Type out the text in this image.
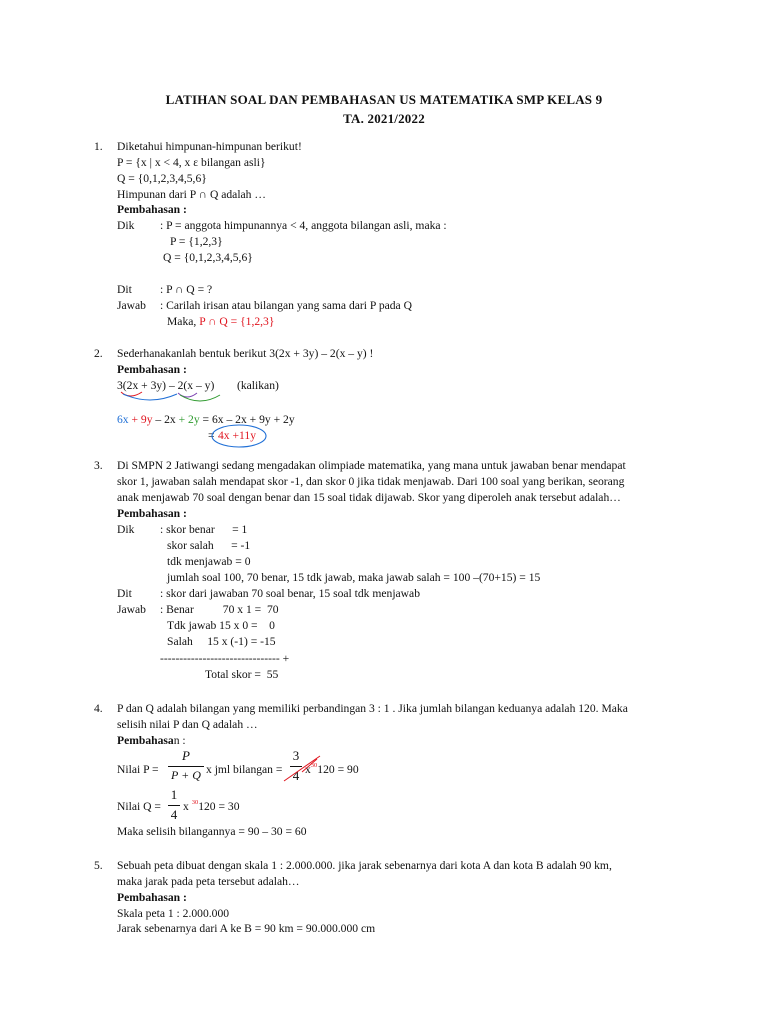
LATIHAN SOAL DAN PEMBAHASAN US MATEMATIKA SMP KELAS 9
TA. 2021/2022
1. Diketahui himpunan-himpunan berikut!
P = {x | x < 4, x ε bilangan asli}
Q = {0,1,2,3,4,5,6}
Himpunan dari P ∩ Q adalah …
Pembahasan :
Dik : P = anggota himpunannya < 4, anggota bilangan asli, maka :
P = {1,2,3}
Q = {0,1,2,3,4,5,6}
Dit : P ∩ Q = ?
Jawab : Carilah irisan atau bilangan yang sama dari P pada Q
Maka, P ∩ Q = {1,2,3}
2. Sederhanakanlah bentuk berikut 3(2x + 3y) – 2(x – y) !
Pembahasan :
3(2x + 3y) – 2(x – y) (kalikan)
6x + 9y – 2x + 2y = 6x – 2x + 9y + 2y
= 4x +11y
3. Di SMPN 2 Jatiwangi sedang mengadakan olimpiade matematika, yang mana untuk jawaban benar mendapat
skor 1, jawaban salah mendapat skor -1, dan skor 0 jika tidak menjawab. Dari 100 soal yang berikan, seorang
anak menjawab 70 soal dengan benar dan 15 soal tidak dijawab. Skor yang diperoleh anak tersebut adalah…
Pembahasan :
Dik : skor benar      = 1
skor salah      = -1
tdk menjawab = 0
jumlah soal 100, 70 benar, 15 tdk jawab, maka jawab salah = 100 –(70+15) = 15
Dit : skor dari jawaban 70 soal benar, 15 soal tdk menjawab
Jawab : Benar          70 x 1 =  70
Tdk jawab 15 x 0 =    0
Salah     15 x (-1) = -15
------------------------------- +
Total skor =  55
4. P dan Q adalah bilangan yang memiliki perbandingan 3 : 1 . Jika jumlah bilangan keduanya adalah 120. Maka
selisih nilai P dan Q adalah …
Pembahasan :
Nilai P =
P
P + Q x jml bilangan =
3
4 $x^{30}120 = 90$
Nilai Q =
1
4
x $^{30}$120 = 30
Maka selisih bilangannya = 90 – 30 = 60
5. Sebuah peta dibuat dengan skala 1 : 2.000.000. jika jarak sebenarnya dari kota A dan kota B adalah 90 km,
maka jarak pada peta tersebut adalah…
Pembahasan :
Skala peta 1 : 2.000.000
Jarak sebenarnya dari A ke B = 90 km = 90.000.000 cm
